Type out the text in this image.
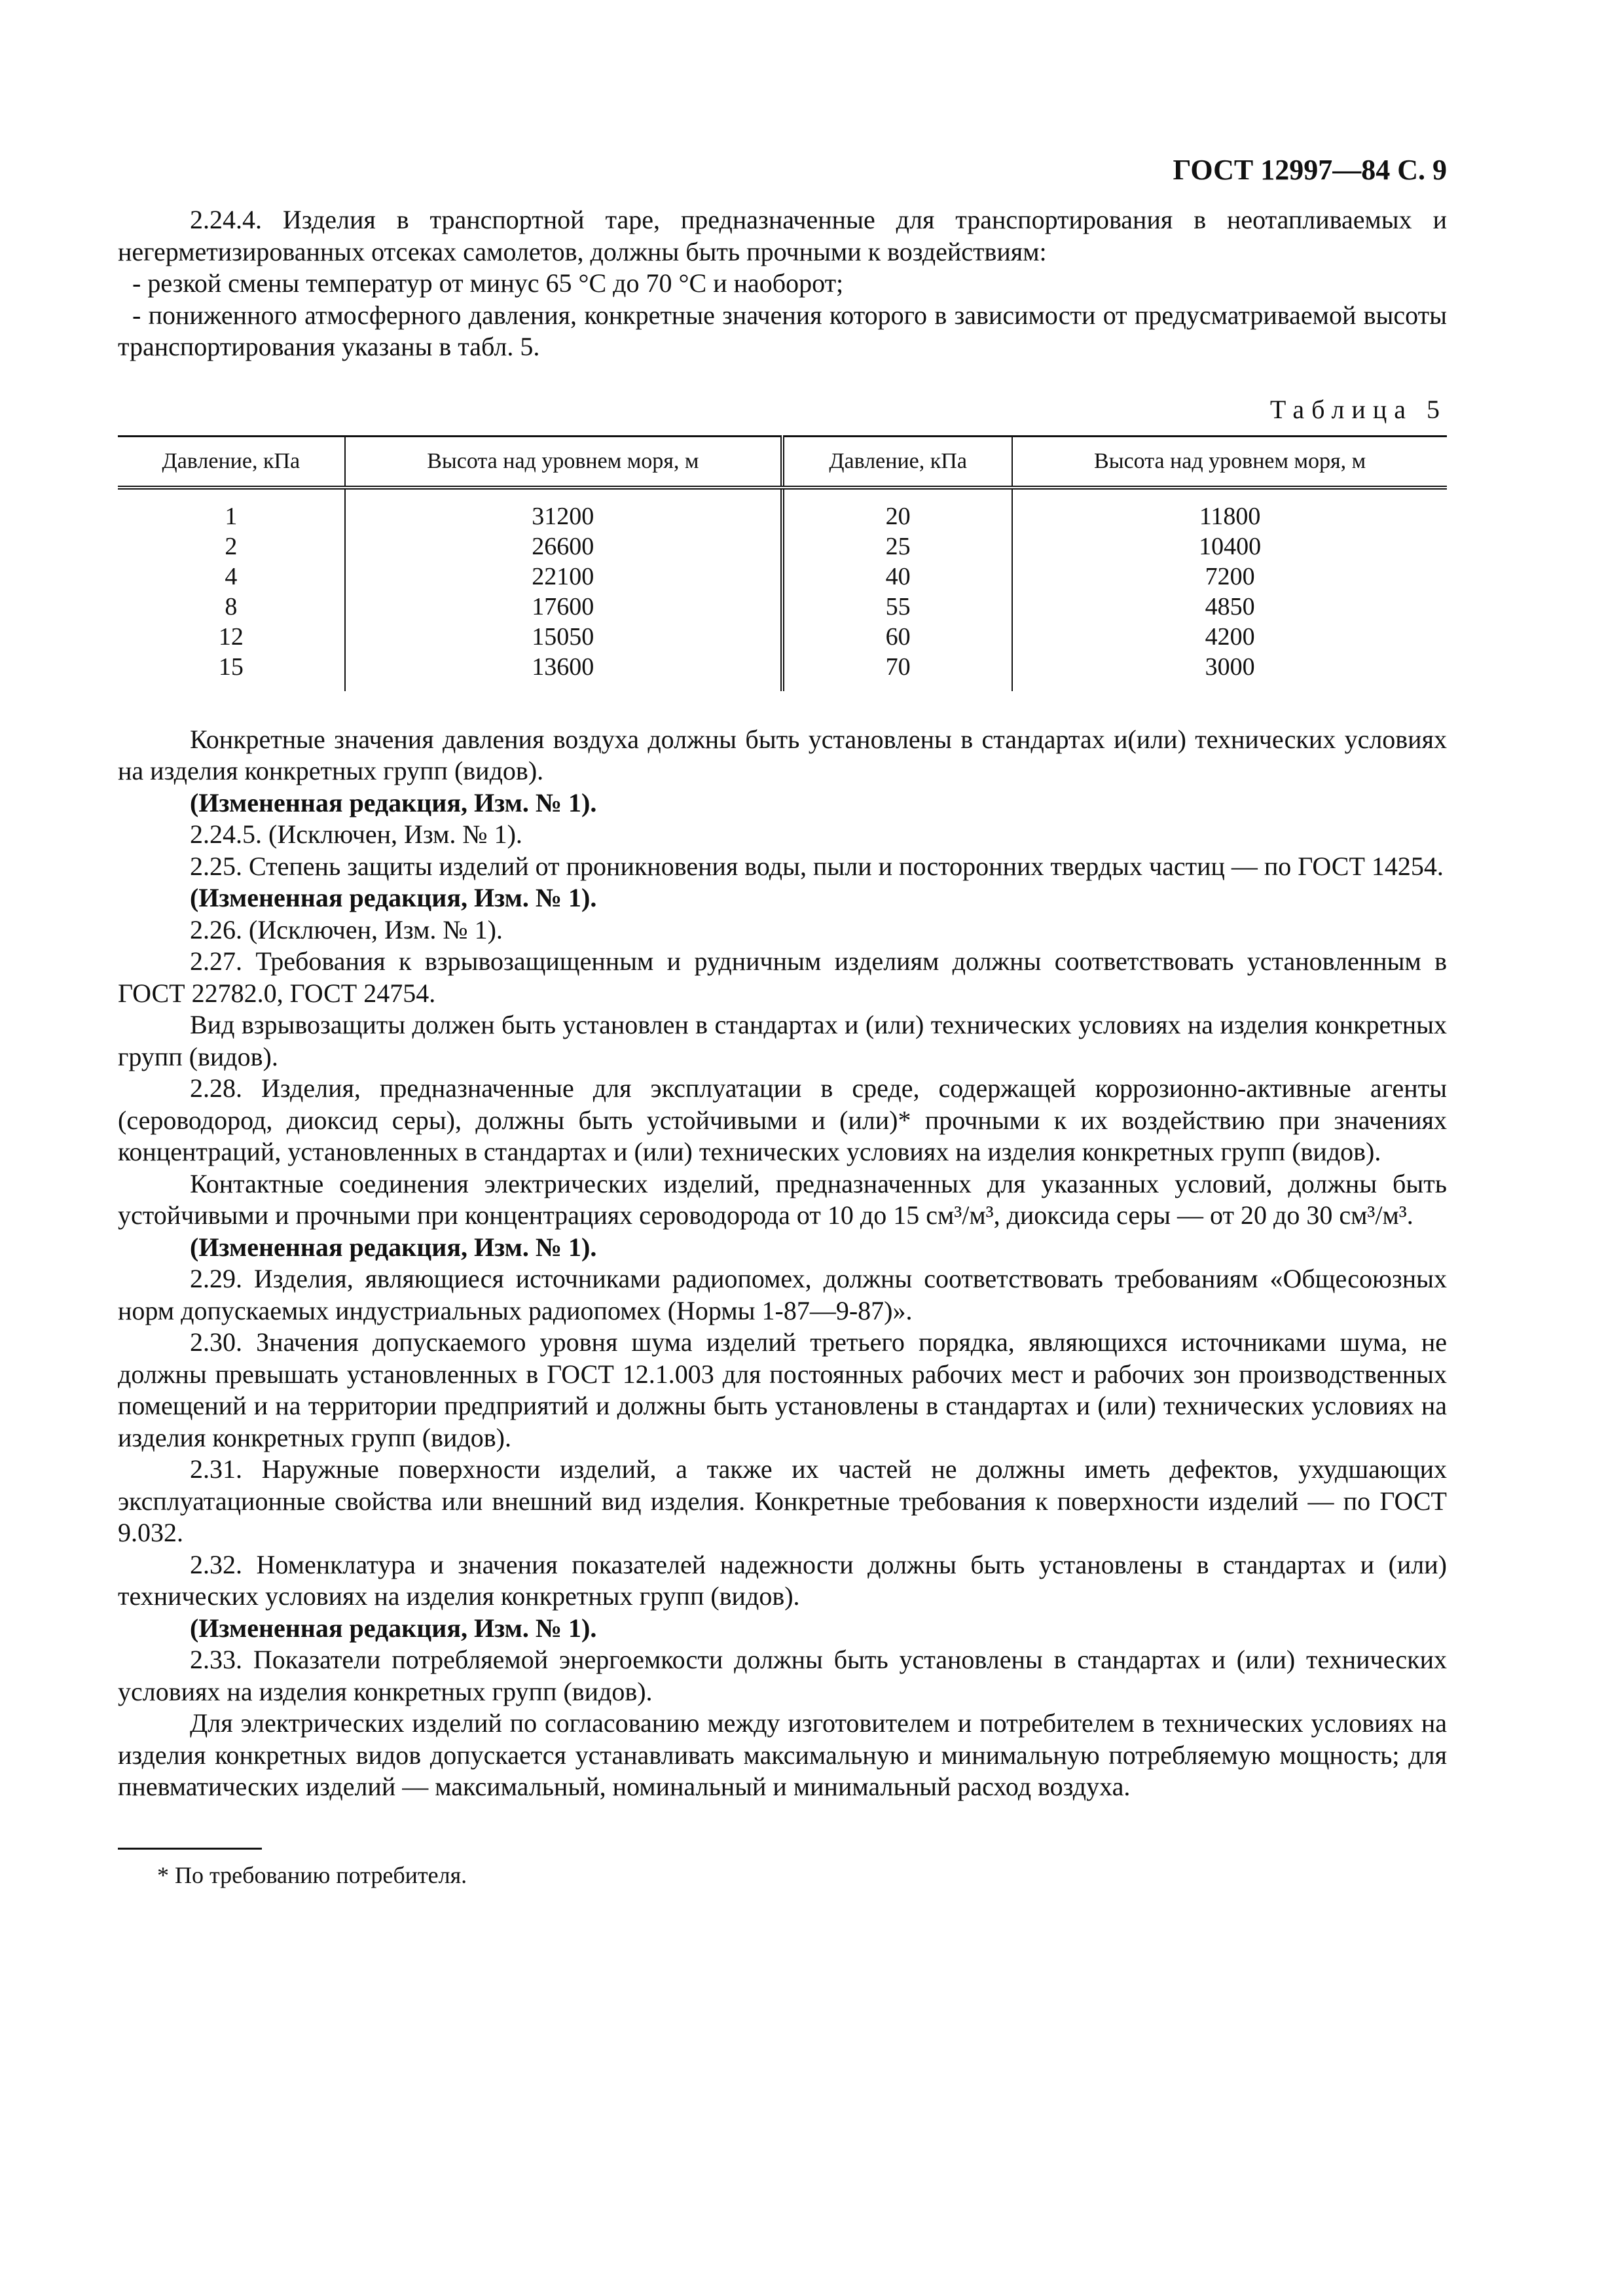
ГОСТ 12997—84 С. 9

2.24.4. Изделия в транспортной таре, предназначенные для транспортирования в неотапливаемых и негерметизированных отсеках самолетов, должны быть прочными к воздействиям:

- резкой смены температур от минус 65 °С до 70 °С и наоборот;

- пониженного атмосферного давления, конкретные значения которого в зависимости от предусматриваемой высоты транспортирования указаны в табл. 5.

Таблица 5
Давление, кПа	Высота над уровнем моря, м	Давление, кПа	Высота над уровнем моря, м
1	31200	20	11800
2	26600	25	10400
4	22100	40	7200
8	17600	55	4850
12	15050	60	4200
15	13600	70	3000

Конкретные значения давления воздуха должны быть установлены в стандартах и(или) технических условиях на изделия конкретных групп (видов).

(Измененная редакция, Изм. № 1).

2.24.5. (Исключен, Изм. № 1).

2.25. Степень защиты изделий от проникновения воды, пыли и посторонних твердых частиц — по ГОСТ 14254.

(Измененная редакция, Изм. № 1).

2.26. (Исключен, Изм. № 1).

2.27. Требования к взрывозащищенным и рудничным изделиям должны соответствовать установленным в ГОСТ 22782.0, ГОСТ 24754.

Вид взрывозащиты должен быть установлен в стандартах и (или) технических условиях на изделия конкретных групп (видов).

2.28. Изделия, предназначенные для эксплуатации в среде, содержащей коррозионно-активные агенты (сероводород, диоксид серы), должны быть устойчивыми и (или)* прочными к их воздействию при значениях концентраций, установленных в стандартах и (или) технических условиях на изделия конкретных групп (видов).

Контактные соединения электрических изделий, предназначенных для указанных условий, должны быть устойчивыми и прочными при концентрациях сероводорода от 10 до 15 см³/м³, диоксида серы — от 20 до 30 см³/м³.

(Измененная редакция, Изм. № 1).

2.29. Изделия, являющиеся источниками радиопомех, должны соответствовать требованиям «Общесоюзных норм допускаемых индустриальных радиопомех (Нормы 1-87—9-87)».

2.30. Значения допускаемого уровня шума изделий третьего порядка, являющихся источниками шума, не должны превышать установленных в ГОСТ 12.1.003 для постоянных рабочих мест и рабочих зон производственных помещений и на территории предприятий и должны быть установлены в стандартах и (или) технических условиях на изделия конкретных групп (видов).

2.31. Наружные поверхности изделий, а также их частей не должны иметь дефектов, ухудшающих эксплуатационные свойства или внешний вид изделия. Конкретные требования к поверхности изделий — по ГОСТ 9.032.

2.32. Номенклатура и значения показателей надежности должны быть установлены в стандартах и (или) технических условиях на изделия конкретных групп (видов).

(Измененная редакция, Изм. № 1).

2.33. Показатели потребляемой энергоемкости должны быть установлены в стандартах и (или) технических условиях на изделия конкретных групп (видов).

Для электрических изделий по согласованию между изготовителем и потребителем в технических условиях на изделия конкретных видов допускается устанавливать максимальную и минимальную потребляемую мощность; для пневматических изделий — максимальный, номинальный и минимальный расход воздуха.

* По требованию потребителя.
